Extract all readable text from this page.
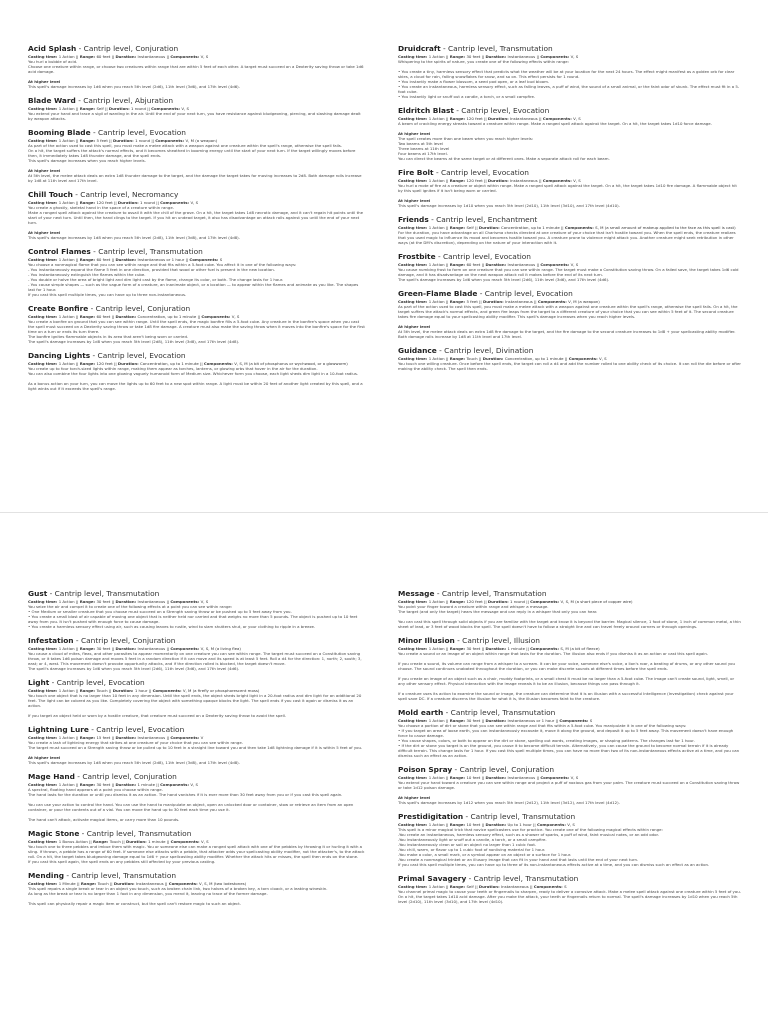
Acid Splash - Cantrip level, Conjuration
Casting time: 1 Action || Range: 60 feet || Duration: Instantaneous || Components: V, S

You hurl a bubble of acid.

Choose one creature within range, or choose two creatures within range that are within 5 feet of each other. A target must succeed on a Dexterity saving throw or take 1d6 acid damage.

At higher level

This spell's damage increases by 1d6 when you reach 5th level (2d6), 11th level (3d6), and 17th level (4d6).

Blade Ward - Cantrip level, Abjuration
Casting time: 1 Action || Range: Self || Duration: 1 round || Components: V, S

You extend your hand and trace a sigil of warding in the air. Until the end of your next turn, you have resistance against bludgeoning, piercing, and slashing damage dealt by weapon attacks.

Booming Blade - Cantrip level, Evocation
Casting time: 1 Action || Range: 5 feet || Duration: 1 round || Components: V, M (a weapon)

As part of the action used to cast this spell, you must make a melee attack with a weapon against one creature within the spell's range, otherwise the spell fails.

On a hit, the target suffers the attack's normal effects, and it becomes sheathed in booming energy until the start of your next turn. If the target willingly moves before then, it immediately takes 1d8 thunder damage, and the spell ends.

This spell's damage increases when you reach higher levels.

At higher level

At 5th level, the melee attack deals an extra 1d8 thunder damage to the target, and the damage the target takes for moving increases to 2d8. Both damage rolls increase by 1d8 at 11th level and 17th level.

Chill Touch - Cantrip level, Necromancy
Casting time: 1 Action || Range: 120 feet || Duration: 1 round || Components: V, S

You create a ghostly, skeletal hand in the space of a creature within range.

Make a ranged spell attack against the creature to assail it with the chill of the grave. On a hit, the target takes 1d8 necrotic damage, and it can't regain hit points until the start of your next turn. Until then, the hand clings to the target. If you hit an undead target, it also has disadvantage on attack rolls against you until the end of your next turn.

At higher level

This spell's damage increases by 1d8 when you reach 5th level (2d8), 11th level (3d8), and 17th level (4d8).

Control Flames - Cantrip level, Transmutation
Casting time: 1 Action || Range: 60 feet || Duration: Instantaneous or 1 hour || Components: S

You choose a nonmagical flame that you can see within range and that fits within a 5-foot cube. You affect it in one of the following ways:

- You instantaneously expand the flame 5 feet in one direction, provided that wood or other fuel is present in the new location.

- You instantaneously extinguish the flames within the cube.

- You double or halve the area of bright light and dim light cast by the flame, change its color, or both. The change lasts for 1 hour.

- You cause simple shapes — such as the vague form of a creature, an inanimate object, or a location — to appear within the flames and animate as you like. The shapes last for 1 hour.

If you cast this spell multiple times, you can have up to three non-instantaneous.

Create Bonfire - Cantrip level, Conjuration
Casting time: 1 Action || Range: 60 feet || Duration: Concentration, up to 1 minute || Components: V, S

You create a bonfire on ground that you can see within range. Until the spell ends, the magic bonfire fills a 5-foot cube. Any creature in the bonfire's space when you cast the spell must succeed on a Dexterity saving throw or take 1d8 fire damage. A creature must also make the saving throw when it moves into the bonfire's space for the first time on a turn or ends its turn there.

The bonfire ignites flammable objects in its area that aren't being worn or carried.

The spell's damage increases by 1d8 when you reach 5th level (2d8), 11th level (3d8), and 17th level (4d8).

Dancing Lights - Cantrip level, Evocation
Casting time: 1 Action || Range: 120 feet || Duration: Concentration, up to 1 minute || Components: V, S, M (a bit of phosphorus or wychwood, or a glowworm)

You create up to four torch-sized lights within range, making them appear as torches, lanterns, or glowing orbs that hover in the air for the duration.

You can also combine the four lights into one glowing vaguely humanoid form of Medium size. Whichever form you choose, each light sheds dim light in a 10-foot radius.

As a bonus action on your turn, you can move the lights up to 60 feet to a new spot within range. A light must be within 20 feet of another light created by this spell, and a light winks out if it exceeds the spell's range.

Druidcraft - Cantrip level, Transmutation
Casting time: 1 Action || Range: 30 feet || Duration: Instantaneous || Components: V, S

Whispering to the spirits of nature, you create one of the following effects within range:

• You create a tiny, harmless sensory effect that predicts what the weather will be at your location for the next 24 hours. The effect might manifest as a golden orb for clear skies, a cloud for rain, falling snowflakes for snow, and so on. This effect persists for 1 round.

• You instantly make a flower blossom, a seed pod open, or a leaf bud bloom.

• You create an instantaneous, harmless sensory effect, such as falling leaves, a puff of wind, the sound of a small animal, or the faint odor of skunk. The effect must fit in a 5-foot cube.

• You instantly light or snuff out a candle, a torch, or a small campfire.

Eldritch Blast - Cantrip level, Evocation
Casting time: 1 Action || Range: 120 feet || Duration: Instantaneous || Components: V, S

A beam of crackling energy streaks toward a creature within range. Make a ranged spell attack against the target. On a hit, the target takes 1d10 force damage.

At higher level

The spell creates more than one beam when you reach higher levels:

Two beams at 5th level

Three beams at 11th level

Four beams at 17th level.

You can direct the beams at the same target or at different ones. Make a separate attack roll for each beam.

Fire Bolt - Cantrip level, Evocation
Casting time: 1 Action || Range: 120 feet || Duration: Instantaneous || Components: V, S

You hurl a mote of fire at a creature or object within range. Make a ranged spell attack against the target. On a hit, the target takes 1d10 fire damage. A flammable object hit by this spell ignites if it isn't being worn or carried.

At higher level

This spell's damage increases by 1d10 when you reach 5th level (2d10), 11th level (3d10), and 17th level (4d10).

Friends - Cantrip level, Enchantment
Casting time: 1 Action || Range: Self || Duration: Concentration, up to 1 minute || Components: S, M (a small amount of makeup applied to the face as this spell is cast)

For the duration, you have advantage on all Charisma checks directed at one creature of your choice that isn't hostile toward you. When the spell ends, the creature realizes that you used magic to influence its mood and becomes hostile toward you. A creature prone to violence might attack you. Another creature might seek retribution in other ways (at the DM's discretion), depending on the nature of your interaction with it.

Frostbite - Cantrip level, Evocation
Casting time: 1 Action || Range: 60 feet || Duration: Instantaneous || Components: V, S

You cause numbing frost to form on one creature that you can see within range. The target must make a Constitution saving throw. On a failed save, the target takes 1d6 cold damage, and it has disadvantage on the next weapon attack roll it makes before the end of its next turn.

The spell's damage increases by 1d6 when you reach 5th level (2d6), 11th level (3d6), and 17th level (4d6).

Green-Flame Blade - Cantrip level, Evocation
Casting time: 1 Action || Range: 5 feet || Duration: Instantaneous || Components: V, M (a weapon)

As part of the action used to cast this spell, you must make a melee attack with a weapon against one creature within the spell's range, otherwise the spell fails. On a hit, the target suffers the attack's normal effects, and green fire leaps from the target to a different creature of your choice that you can see within 5 feet of it. The second creature takes fire damage equal to your spellcasting ability modifier. This spell's damage increases when you reach higher levels.

At higher level

At 5th level, the melee attack deals an extra 1d8 fire damage to the target, and the fire damage to the second creature increases to 1d8 + your spellcasting ability modifier. Both damage rolls increase by 1d8 at 11th level and 17th level.

Guidance - Cantrip level, Divination
Casting time: 1 Action || Range: Touch || Duration: Concentration, up to 1 minute || Components: V, S

You touch one willing creature. Once before the spell ends, the target can roll a d4 and add the number rolled to one ability check of its choice. It can roll the die before or after making the ability check. The spell then ends.

Gust - Cantrip level, Transmutation
Casting time: 1 Action || Range: 30 feet || Duration: Instantaneous || Components: V, S

You seize the air and compel it to create one of the following effects at a point you can see within range:

• One Medium or smaller creature that you choose must succeed on a Strength saving throw or be pushed up to 5 feet away from you.

• You create a small blast of air capable of moving one object that is neither held nor carried and that weighs no more than 5 pounds. The object is pushed up to 10 feet away from you. It isn't pushed with enough force to cause damage.

• You create a harmless sensory effect using air, such as causing leaves to rustle, wind to slam shutters shut, or your clothing to ripple in a breeze.

Infestation - Cantrip level, Conjuration
Casting time: 1 Action || Range: 30 feet || Duration: Instantaneous || Components: V, S, M (a living flea)

You cause a cloud of mites, fleas, and other parasites to appear momentarily on one creature you can see within range. The target must succeed on a Constitution saving throw, or it takes 1d6 poison damage and moves 5 feet in a random direction if it can move and its speed is at least 5 feet. Roll a d4 for the direction: 1, north; 2, south; 3, east; or 4, west. This movement doesn't provoke opportunity attacks, and if the direction rolled is blocked, the target doesn't move.

The spell's damage increases by 1d6 when you reach 5th level (2d6), 11th level (3d6), and 17th level (4d6).

Light - Cantrip level, Evocation
Casting time: 1 Action || Range: Touch || Duration: 1 hour || Components: V, M (a firefly or phosphorescent moss)

You touch one object that is no larger than 10 feet in any dimension. Until the spell ends, the object sheds bright light in a 20-foot radius and dim light for an additional 20 feet. The light can be colored as you like. Completely covering the object with something opaque blocks the light. The spell ends if you cast it again or dismiss it as an action.

If you target an object held or worn by a hostile creature, that creature must succeed on a Dexterity saving throw to avoid the spell.

Lightning Lure - Cantrip level, Evocation
Casting time: 1 Action || Range: 15 feet || Duration: Instantaneous || Components: V

You create a lash of lightning energy that strikes at one creature of your choice that you can see within range.

The target must succeed on a Strength saving throw or be pulled up to 10 feet in a straight line toward you and then take 1d8 lightning damage if it is within 5 feet of you.

At higher level

This spell's damage increases by 1d8 when you reach 5th level (2d8), 11th level (3d8), and 17th level (4d8).

Mage Hand - Cantrip level, Conjuration
Casting time: 1 Action || Range: 30 feet || Duration: 1 minute || Components: V, S

A spectral, floating hand appears at a point you choose within range.

The hand lasts for the duration or until you dismiss it as an action. The hand vanishes if it is ever more than 30 feet away from you or if you cast this spell again.

You can use your action to control the hand. You can use the hand to manipulate an object, open an unlocked door or container, stow or retrieve an item from an open container, or pour the contents out of a vial. You can move the hand up to 30 feet each time you use it.

The hand can't attack, activate magical items, or carry more than 10 pounds.

Magic Stone - Cantrip level, Transmutation
Casting time: 1 Bonus Action || Range: Touch || Duration: 1 minute || Components: V, S

You touch one to three pebbles and imbue them with magic. You or someone else can make a ranged spell attack with one of the pebbles by throwing it or hurling it with a sling. If thrown, a pebble has a range of 60 feet. If someone else attacks with a pebble, that attacker adds your spellcasting ability modifier, not the attacker's, to the attack roll. On a hit, the target takes bludgeoning damage equal to 1d6 + your spellcasting ability modifier. Whether the attack hits or misses, the spell then ends on the stone.

If you cast this spell again, the spell ends on any pebbles still affected by your previous casting.

Mending - Cantrip level, Transmutation
Casting time: 1 Minute || Range: Touch || Duration: Instantaneous || Components: V, S, M (two lodestones)

This spell repairs a single break or tear in an object you touch, such as broken chain link, two halves of a broken key, a torn cloack, or a leaking wineskin.

As long as the break or tear is no larger than 1 foot in any dimension, you mend it, leaving no trace of the former damage.

This spell can physically repair a magic item or construct, but the spell can't restore magic to such an object.

Message - Cantrip level, Transmutation
Casting time: 1 Action || Range: 120 feet || Duration: 1 round || Components: V, S, M (a short piece of copper wire)

You point your finger toward a creature within range and whisper a message.

The target (and only the target) hears the message and can reply in a whisper that only you can hear.

You can cast this spell through solid objects if you are familiar with the target and know it is beyond the barrier. Magical silence, 1 foot of stone, 1 inch of common metal, a thin sheet of lead, or 3 feet of wood blocks the spell. The spell doesn't have to follow a straight line and can travel freely around corners or through openings.

Minor Illusion - Cantrip level, Illusion
Casting time: 1 Action || Range: 30 feet || Duration: 1 minute || Components: S, M (a bit of fleece)

You create a sound or an image of an object within range that lasts for the duration. The illusion also ends if you dismiss it as an action or cast this spell again.

If you create a sound, its volume can range from a whisper to a scream. It can be your voice, someone else's voice, a lion's roar, a beating of drums, or any other sound you choose. The sound continues unabated throughout the duration, or you can make discrete sounds at different times before the spell ends.

If you create an image of an object such as a chair, muddy footprints, or a small chest it must be no larger than a 5-foot cube. The image can't create sound, light, smell, or any other sensory effect. Physical interaction with the image reveals it to be an illusion, because things can pass through it.

If a creature uses its action to examine the sound or image, the creature can determine that it is an illusion with a successful Intelligence (Investigation) check against your spell save DC. If a creature discerns the illusion for what it is, the illusion becomes faint to the creature.

Mold earth - Cantrip level, Transmutation
Casting time: 1 Action || Range: 30 feet || Duration: Instantaneous or 1 hour || Components: S

You choose a portion of dirt or stone that you can see within range and that fits within a 5-foot cube. You manipulate it in one of the following ways:

• If you target an area of loose earth, you can instantaneously excavate it, move it along the ground, and deposit it up to 5 feet away. This movement doesn't have enough force to cause damage.

• You cause shapes, colors, or both to appear on the dirt or stone, spelling out words, creating images, or shaping patterns. The changes last for 1 hour.

• If the dirt or stone you target is on the ground, you cause it to become difficult terrain. Alternatively, you can cause the ground to become normal terrain if it is already difficult terrain. This change lasts for 1 hour. If you cast this spell multiple times, you can have no more than two of its non-instantaneous effects active at a time, and you can dismiss such an effect as an action.

Poison Spray - Cantrip level, Conjuration
Casting time: 1 Action || Range: 10 feet || Duration: Instantaneous || Components: V, S

You extend your hand toward a creature you can see within range and project a puff of noxious gas from your palm. The creature must succeed on a Constitution saving throw or take 1d12 poison damage.

At higher level

This spell's damage increases by 1d12 when you reach 5th level (2d12), 11th level (3d12), and 17th level (4d12).

Prestidigitation - Cantrip level, Transmutation
Casting time: 1 Action || Range: 10 feet || Duration: Up to 1 hour || Components: V, S

This spell is a minor magical trick that novice spellcasters use for practice. You create one of the following magical effects within range:

-You create an instantaneous, harmless sensory effect, such as a shower of sparks, a puff of wind, faint musical notes, or an odd odor.

-You instantaneously light or snuff out a candle, a torch, or a small campfire.

-You instantaneously clean or soil an object no larger than 1 cubic foot.

-You chill, warm, or flavor up to 1 cubic foot of nonliving material for 1 hour.

-You make a color, a small mark, or a symbol appear on an object or a surface for 1 hour.

-You create a nonmagical trinket or an illusory image that can fit in your hand and that lasts until the end of your next turn.

If you cast this spell multiple times, you can have up to three of its non-instantaneous effects active at a time, and you can dismiss such an effect as an action.

Primal Savagery - Cantrip level, Transmutation
Casting time: 1 Action || Range: Self || Duration: Instantaneous || Components: S

You channel primal magic to cause your teeth or fingernails to sharpen, ready to deliver a corrosive attack. Make a melee spell attack against one creature within 5 feet of you. On a hit, the target takes 1d10 acid damage. After you make the attack, your teeth or fingernails return to normal. The spell's damage increases by 1d10 when you reach 5th level (2d10), 11th level (3d10), and 17th level (4d10).
